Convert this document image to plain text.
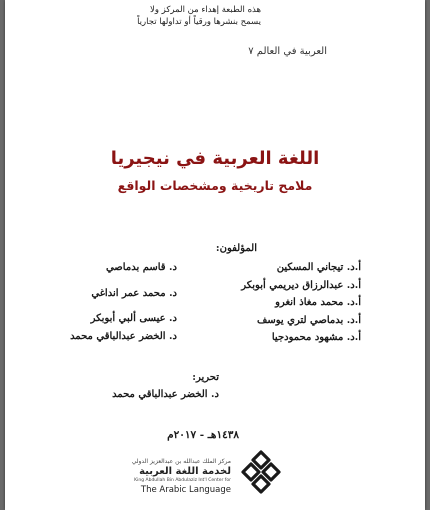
هذه الطبعة إهداء من المركز ولا
يسمح بنشرها ورقياً أو تداولها تجارياً
العربية في العالم ٧
اللغة العربية في نيجيريا
ملامح تاريخية ومشخصات الواقع
المؤلفون:
أ.د. تيجاني المسكين
أ.د. عبدالرزاق ديريمي أبوبكر
أ.د. محمد مغاذ انغرو
أ.د. بدماصي لتري يوسف
أ.د. مشهود محمودجيا
د. قاسم بدماصي
د. محمد عمر انداغي
د. عيسى ألبي أبوبكر
د. الخضر عبدالباقي محمد
تحرير:
د. الخضر عبدالباقي محمد
١٤٣٨هـ - ٢٠١٧م
مركز الملك عبدالله بن عبدالعزيز الدولي
لخدمة اللغة العربية
King Abdullah Bin Abdulaziz Int'l Center for
The Arabic Language
